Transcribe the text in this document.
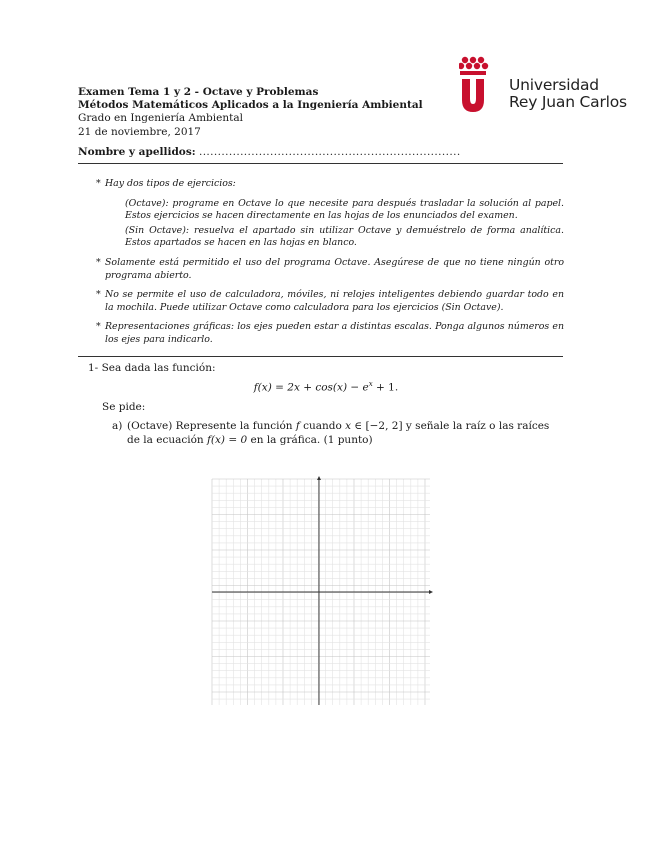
Examen Tema 1 y 2 - Octave y Problemas
Métodos Matemáticos Aplicados a la Ingeniería Ambiental
Grado en Ingeniería Ambiental
21 de noviembre, 2017
Universidad
Rey Juan Carlos
Nombre y apellidos: ......................................................................
* Hay dos tipos de ejercicios:
(Octave): programe en Octave lo que necesite para después trasladar la solución al papel. Estos ejercicios se hacen directamente en las hojas de los enunciados del examen.
(Sin Octave): resuelva el apartado sin utilizar Octave y demuéstrelo de forma analítica. Estos apartados se hacen en las hojas en blanco.
* Solamente está permitido el uso del programa Octave. Asegúrese de que no tiene ningún otro programa abierto.
* No se permite el uso de calculadora, móviles, ni relojes inteligentes debiendo guardar todo en la mochila. Puede utilizar Octave como calculadora para los ejercicios (Sin Octave).
* Representaciones gráficas: los ejes pueden estar a distintas escalas. Ponga algunos números en los ejes para indicarlo.
1- Sea dada las función:
$f(x) = 2x + \cos(x) - e^x + 1$.
Se pide:
a) (Octave) Represente la función f cuando x ∈ [−2, 2] y señale la raíz o las raíces de la ecuación f(x) = 0 en la gráfica. (1 punto)
